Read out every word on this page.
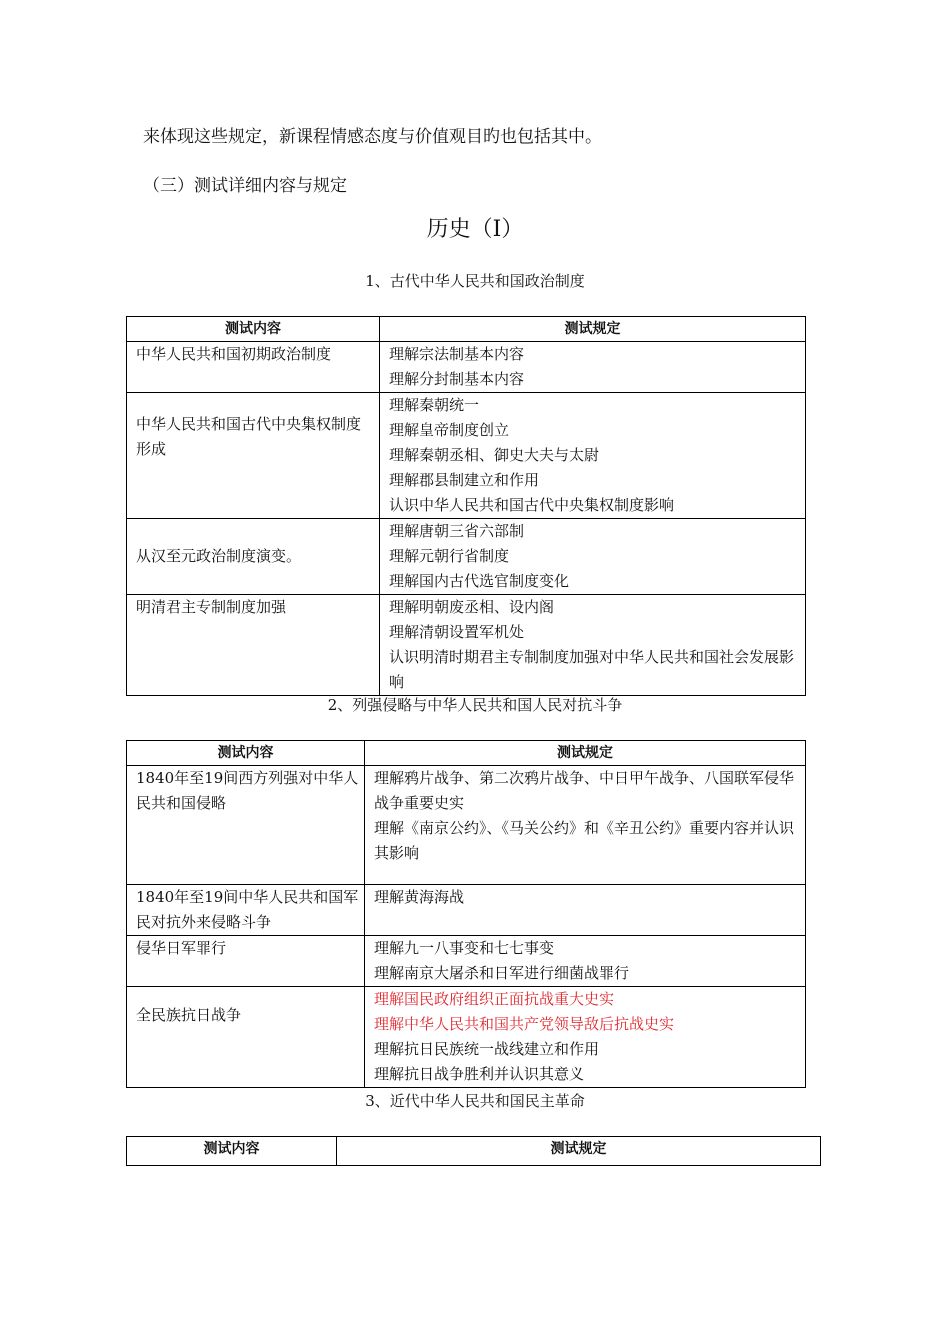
来体现这些规定，新课程情感态度与价值观目旳也包括其中。
（三）测试详细内容与规定
历史（Ⅰ）
1、古代中华人民共和国政治制度
测试内容	测试规定
中华人民共和国初期政治制度	理解宗法制基本内容
理解分封制基本内容

中华人民共和国古代中央集权制度形成	理解秦朝统一
理解皇帝制度创立
理解秦朝丞相、御史大夫与太尉
理解郡县制建立和作用
认识中华人民共和国古代中央集权制度影响

从汉至元政治制度演变。	理解唐朝三省六部制
理解元朝行省制度
理解国内古代选官制度变化

明清君主专制制度加强	理解明朝废丞相、设内阁
理解清朝设置军机处
认识明清时期君主专制制度加强对中华人民共和国社会发展影响
2、列强侵略与中华人民共和国人民对抗斗争
测试内容	测试规定
1840年至19间西方列强对中华人民共和国侵略	理解鸦片战争、第二次鸦片战争、中日甲午战争、八国联军侵华战争重要史实
理解《南京公约》、《马关公约》和《辛丑公约》重要内容并认识其影响

1840年至19间中华人民共和国军民对抗外来侵略斗争	理解黄海海战

侵华日军罪行	理解九一八事变和七七事变
理解南京大屠杀和日军进行细菌战罪行

全民族抗日战争	理解国民政府组织正面抗战重大史实
理解中华人民共和国共产党领导敌后抗战史实
理解抗日民族统一战线建立和作用
理解抗日战争胜利并认识其意义
3、近代中华人民共和国民主革命
测试内容	测试规定
